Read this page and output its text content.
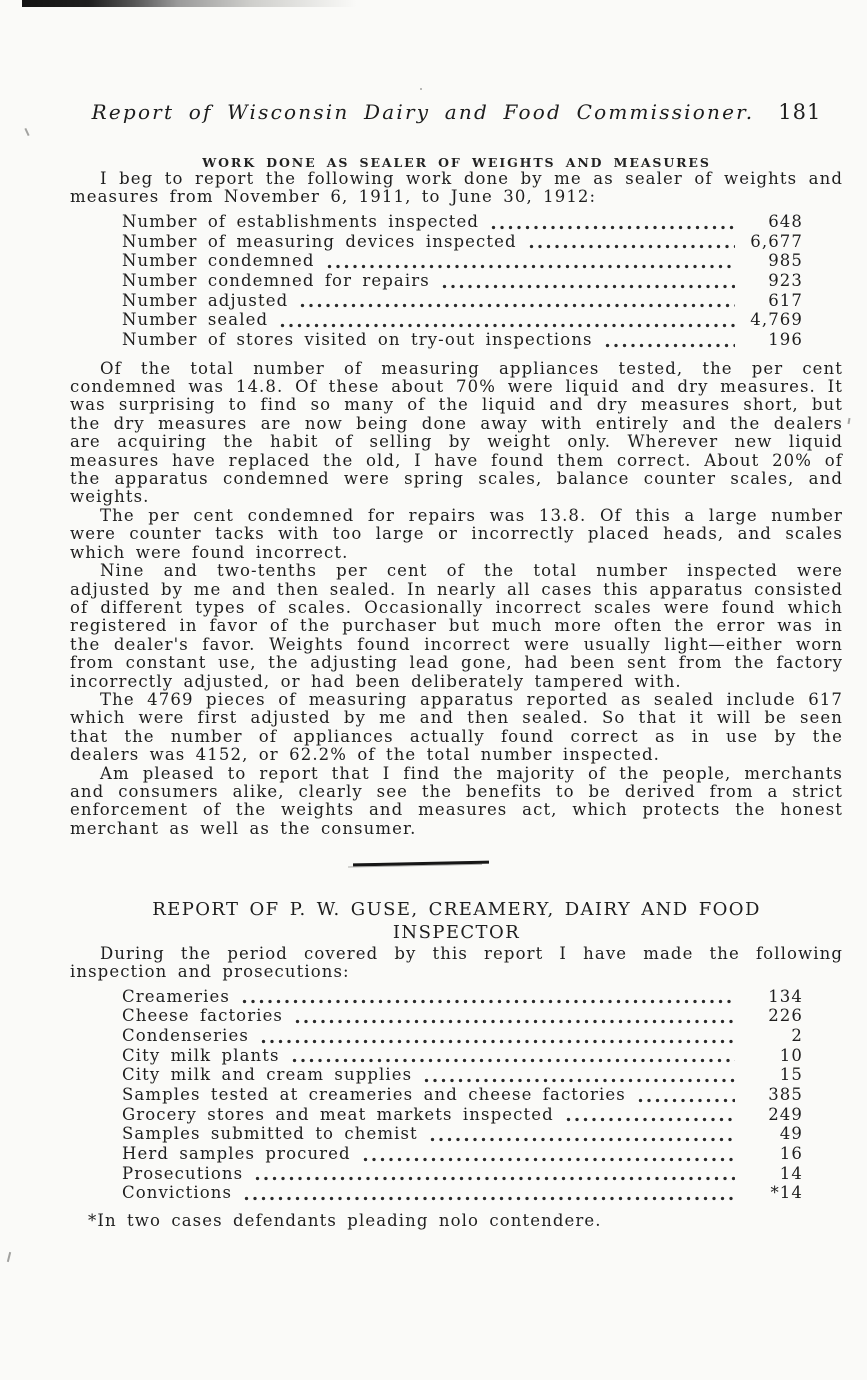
Report of Wisconsin Dairy and Food Commissioner. 181
WORK DONE AS SEALER OF WEIGHTS AND MEASURES

I beg to report the following work done by me as sealer of weights and measures from November 6, 1911, to June 30, 1912:

Number of establishments inspected	648
Number of measuring devices inspected	6,677
Number condemned	985
Number condemned for repairs	923
Number adjusted	617
Number sealed	4,769
Number of stores visited on try-out inspections	196

Of the total number of measuring appliances tested, the per cent condemned was 14.8. Of these about 70% were liquid and dry measures. It was surprising to find so many of the liquid and dry measures short, but the dry measures are now being done away with entirely and the dealers are acquiring the habit of selling by weight only. Wherever new liquid measures have replaced the old, I have found them correct. About 20% of the apparatus condemned were spring scales, balance counter scales, and weights.

The per cent condemned for repairs was 13.8. Of this a large number were counter tacks with too large or incorrectly placed heads, and scales which were found incorrect.

Nine and two-tenths per cent of the total number inspected were adjusted by me and then sealed. In nearly all cases this apparatus consisted of different types of scales. Occasionally incorrect scales were found which registered in favor of the purchaser but much more often the error was in the dealer's favor. Weights found incorrect were usually light—either worn from constant use, the adjusting lead gone, had been sent from the factory incorrectly adjusted, or had been deliberately tampered with.

The 4769 pieces of measuring apparatus reported as sealed include 617 which were first adjusted by me and then sealed. So that it will be seen that the number of appliances actually found correct as in use by the dealers was 4152, or 62.2% of the total number inspected.

Am pleased to report that I find the majority of the people, merchants and consumers alike, clearly see the benefits to be derived from a strict enforcement of the weights and measures act, which protects the honest merchant as well as the consumer.

REPORT OF P. W. GUSE, CREAMERY, DAIRY AND FOOD
INSPECTOR

During the period covered by this report I have made the following inspection and prosecutions:

Creameries	134
Cheese factories	226
Condenseries	2
City milk plants	10
City milk and cream supplies	15
Samples tested at creameries and cheese factories	385
Grocery stores and meat markets inspected	249
Samples submitted to chemist	49
Herd samples procured	16
Prosecutions	14
Convictions	*14
*In two cases defendants pleading nolo contendere.
